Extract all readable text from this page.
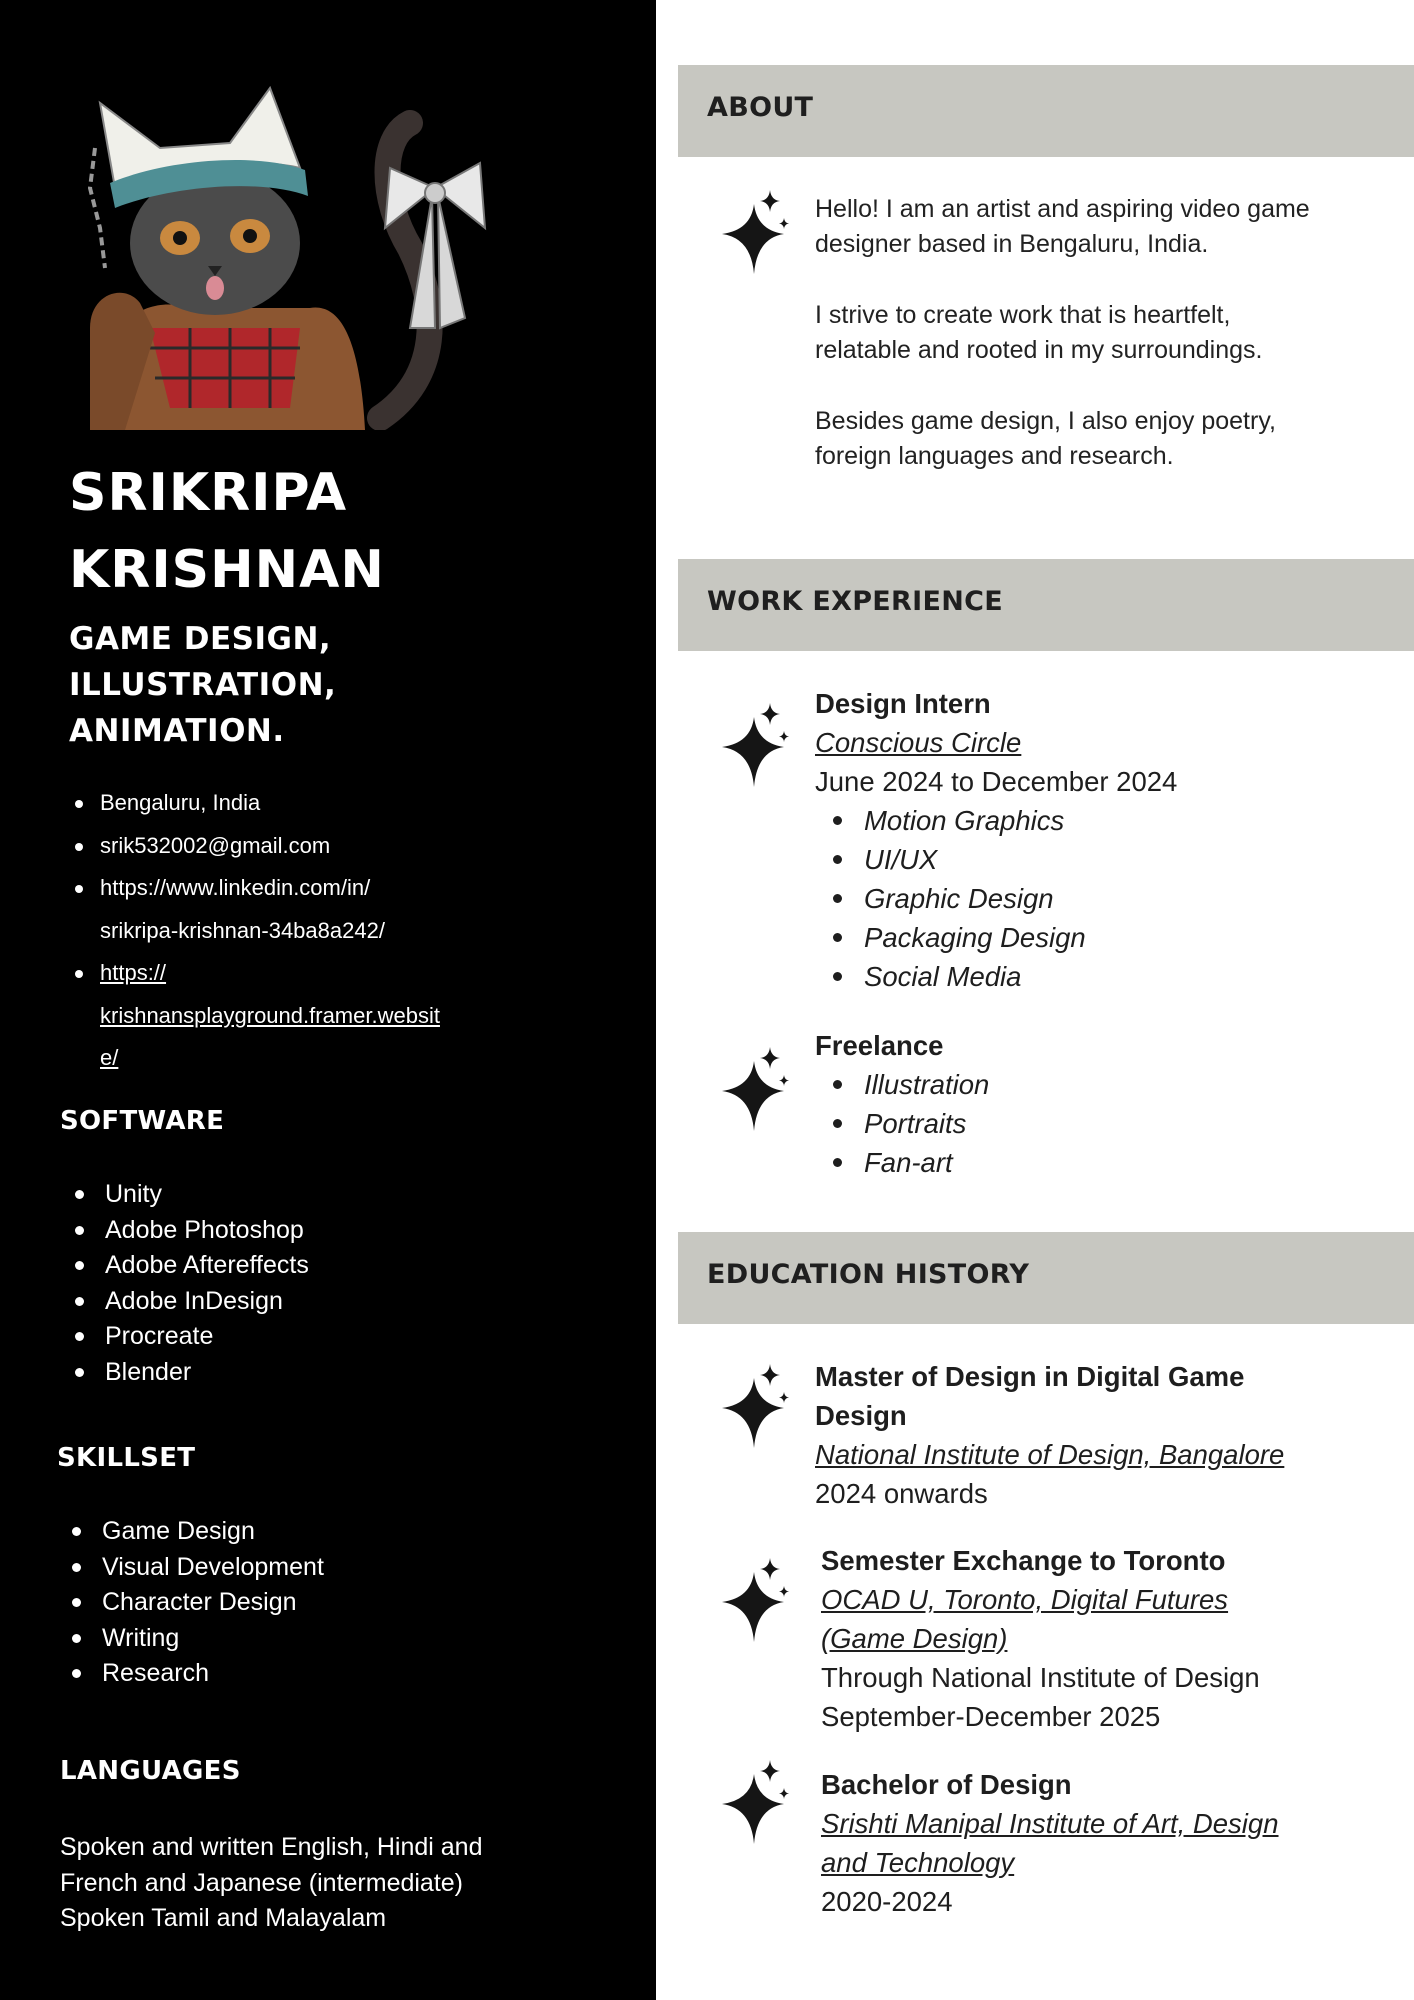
SRIKRIPA
KRISHNAN

GAME DESIGN,
ILLUSTRATION,
ANIMATION.

Bengaluru, India
srik532002@gmail.com
https://www.linkedin.com/in/
srikripa-krishnan-34ba8a242/
https://
krishnansplayground.framer.websit
e/
SOFTWARE
Unity
Adobe Photoshop
Adobe Aftereffects
Adobe InDesign
Procreate
Blender
SKILLSET
Game Design
Visual Development
Character Design
Writing
Research
LANGUAGES

Spoken and written English, Hindi and
French and Japanese (intermediate)
Spoken Tamil and Malayalam

ABOUT

Hello! I am an artist and aspiring video game
designer based in Bengaluru, India.

I strive to create work that is heartfelt,
relatable and rooted in my surroundings.

Besides game design, I also enjoy poetry,
foreign languages and research.

WORK EXPERIENCE
Design Intern
Conscious Circle
June 2024 to December 2024
Motion Graphics
UI/UX
Graphic Design
Packaging Design
Social Media
Freelance
Illustration
Portraits
Fan-art
EDUCATION HISTORY
Master of Design in Digital Game
Design
National Institute of Design, Bangalore
2024 onwards
Semester Exchange to Toronto
OCAD U, Toronto, Digital Futures
(Game Design)
Through National Institute of Design
September-December 2025
Bachelor of Design
Srishti Manipal Institute of Art, Design
and Technology
2020-2024
